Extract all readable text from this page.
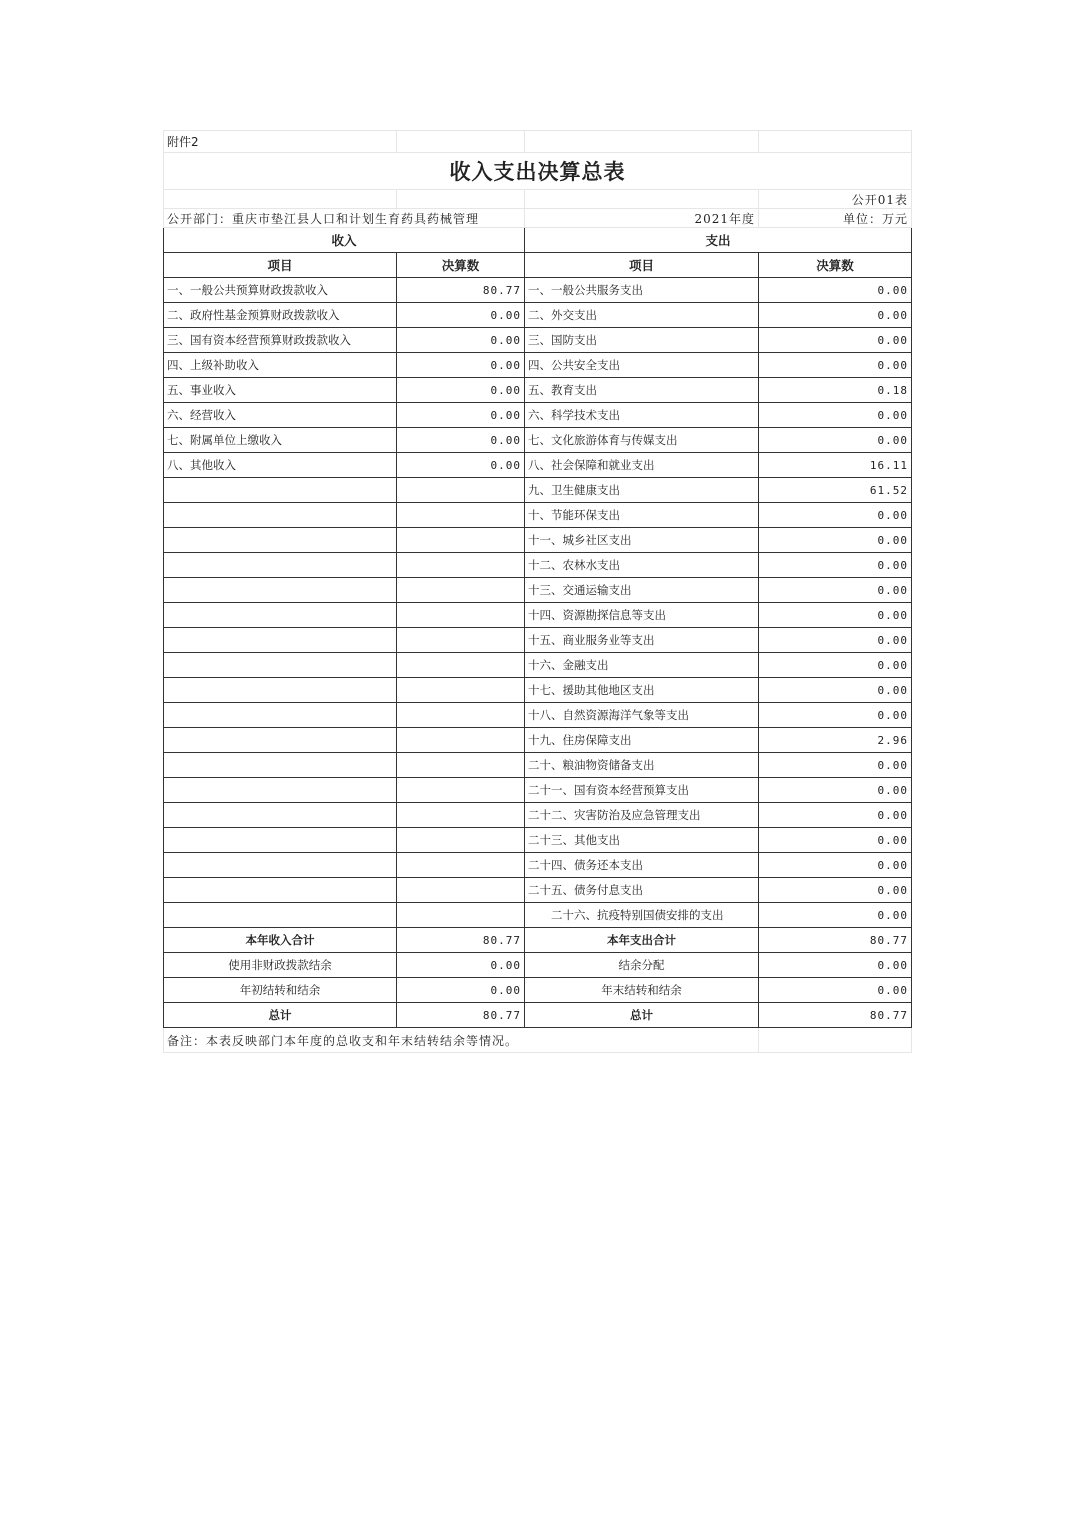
附件2			
收入支出决算总表			
			公开01表
公开部门：重庆市垫江县人口和计划生育药具药械管理		2021年度	单位：万元
收入		支出	
项目	决算数	项目	决算数
一、一般公共预算财政拨款收入	80.77	一、一般公共服务支出	0.00
二、政府性基金预算财政拨款收入	0.00	二、外交支出	0.00
三、国有资本经营预算财政拨款收入	0.00	三、国防支出	0.00
四、上级补助收入	0.00	四、公共安全支出	0.00
五、事业收入	0.00	五、教育支出	0.18
六、经营收入	0.00	六、科学技术支出	0.00
七、附属单位上缴收入	0.00	七、文化旅游体育与传媒支出	0.00
八、其他收入	0.00	八、社会保障和就业支出	16.11
		九、卫生健康支出	61.52
		十、节能环保支出	0.00
		十一、城乡社区支出	0.00
		十二、农林水支出	0.00
		十三、交通运输支出	0.00
		十四、资源勘探信息等支出	0.00
		十五、商业服务业等支出	0.00
		十六、金融支出	0.00
		十七、援助其他地区支出	0.00
		十八、自然资源海洋气象等支出	0.00
		十九、住房保障支出	2.96
		二十、粮油物资储备支出	0.00
		二十一、国有资本经营预算支出	0.00
		二十二、灾害防治及应急管理支出	0.00
		二十三、其他支出	0.00
		二十四、债务还本支出	0.00
		二十五、债务付息支出	0.00
		二十六、抗疫特别国债安排的支出	0.00
本年收入合计	80.77	本年支出合计	80.77
使用非财政拨款结余	0.00	结余分配	0.00
年初结转和结余	0.00	年末结转和结余	0.00
总计	80.77	总计	80.77
备注：本表反映部门本年度的总收支和年末结转结余等情况。			
